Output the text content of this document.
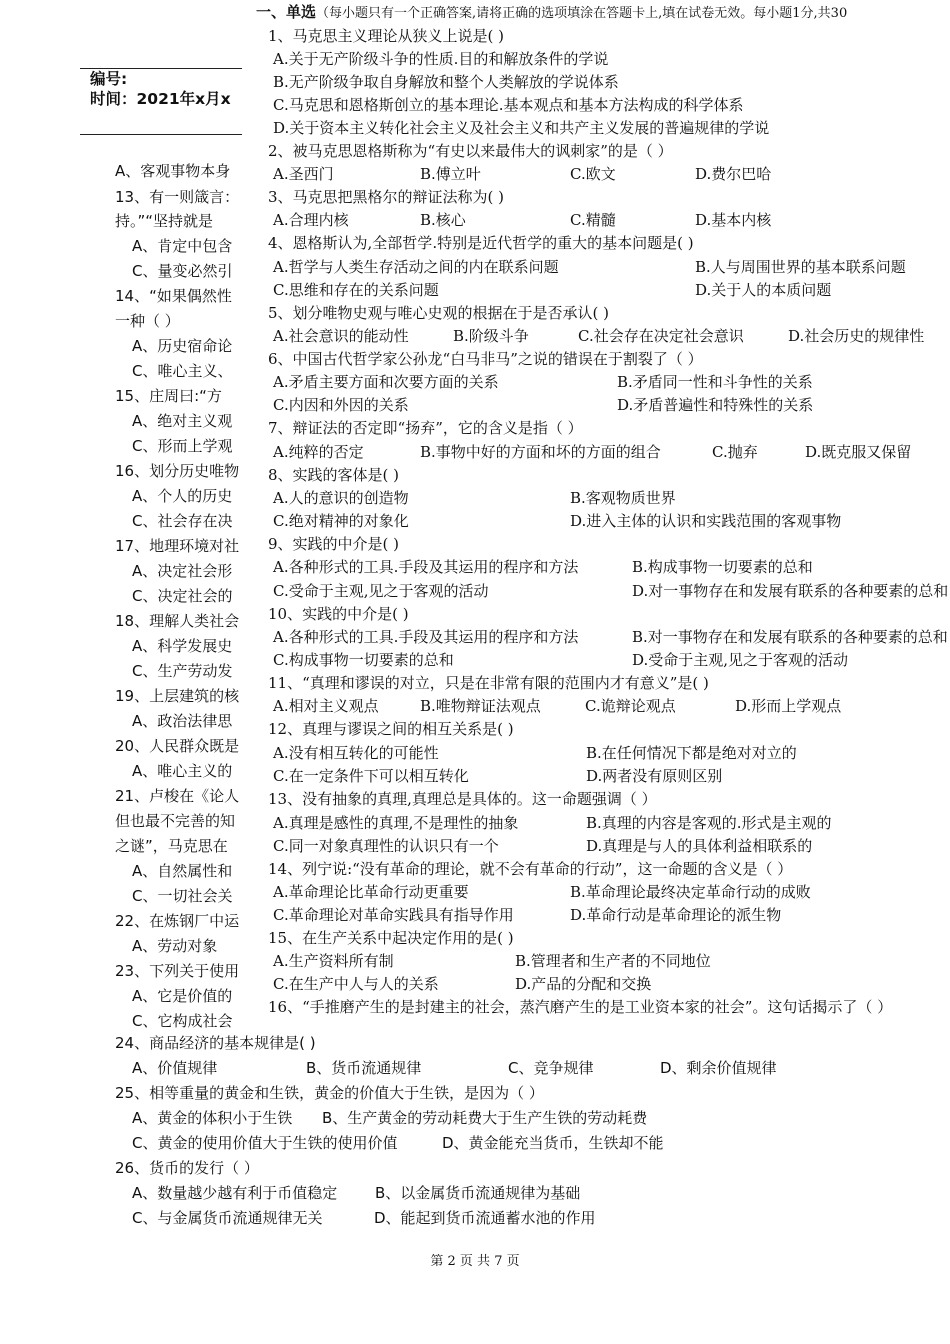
编号:
时间：2021年x月x
A、客观事物本身
13、有一则箴言：
持。”“坚持就是
A、肯定中包含
C、量变必然引
14、“如果偶然性
一种（ ）
A、历史宿命论
C、唯心主义、
15、庄周曰:“方
A、绝对主义观
C、形而上学观
16、划分历史唯物
A、个人的历史
C、社会存在决
17、地理环境对社
A、决定社会形
C、决定社会的
18、理解人类社会
A、科学发展史
C、生产劳动发
19、上层建筑的核
A、政治法律思
20、人民群众既是
A、唯心主义的
21、卢梭在《论人
但也最不完善的知
之谜”，马克思在
A、自然属性和
C、一切社会关
22、在炼钢厂中运
A、劳动对象
23、下列关于使用
A、它是价值的
C、它构成社会
一、单选（每小题只有一个正确答案,请将正确的选项填涂在答题卡上,填在试卷无效。每小题1分,共30
1、马克思主义理论从狭义上说是( )
A.关于无产阶级斗争的性质.目的和解放条件的学说
B.无产阶级争取自身解放和整个人类解放的学说体系
C.马克思和恩格斯创立的基本理论.基本观点和基本方法构成的科学体系
D.关于资本主义转化社会主义及社会主义和共产主义发展的普遍规律的学说
2、被马克思恩格斯称为“有史以来最伟大的讽刺家”的是（ ）
A.圣西门	B.傅立叶	C.欧文	D.费尔巴哈
3、马克思把黑格尔的辩证法称为( )
A.合理内核	B.核心	C.精髓	D.基本内核
4、恩格斯认为,全部哲学.特别是近代哲学的重大的基本问题是( )
A.哲学与人类生存活动之间的内在联系问题	B.人与周围世界的基本联系问题
C.思维和存在的关系问题	D.关于人的本质问题
5、划分唯物史观与唯心史观的根据在于是否承认( )
A.社会意识的能动性	B.阶级斗争	C.社会存在决定社会意识	D.社会历史的规律性
6、中国古代哲学家公孙龙“白马非马”之说的错误在于割裂了（ ）
A.矛盾主要方面和次要方面的关系	B.矛盾同一性和斗争性的关系
C.内因和外因的关系	D.矛盾普遍性和特殊性的关系
7、辩证法的否定即“扬弃”，它的含义是指（ ）
A.纯粹的否定	B.事物中好的方面和坏的方面的组合	C.抛弃	D.既克服又保留
8、实践的客体是( )
A.人的意识的创造物	B.客观物质世界
C.绝对精神的对象化	D.进入主体的认识和实践范围的客观事物
9、实践的中介是( )
A.各种形式的工具.手段及其运用的程序和方法	B.构成事物一切要素的总和
C.受命于主观,见之于客观的活动	D.对一事物存在和发展有联系的各种要素的总和
10、实践的中介是( )
A.各种形式的工具.手段及其运用的程序和方法	B.对一事物存在和发展有联系的各种要素的总和
C.构成事物一切要素的总和	D.受命于主观,见之于客观的活动
11、“真理和谬误的对立，只是在非常有限的范围内才有意义”是( )
A.相对主义观点	B.唯物辩证法观点	C.诡辩论观点	D.形而上学观点
12、真理与谬误之间的相互关系是( )
A.没有相互转化的可能性	B.在任何情况下都是绝对对立的
C.在一定条件下可以相互转化	D.两者没有原则区别
13、没有抽象的真理,真理总是具体的。这一命题强调（ ）
A.真理是感性的真理,不是理性的抽象	B.真理的内容是客观的.形式是主观的
C.同一对象真理性的认识只有一个	D.真理是与人的具体利益相联系的
14、列宁说:“没有革命的理论，就不会有革命的行动”，这一命题的含义是（ ）
A.革命理论比革命行动更重要	B.革命理论最终决定革命行动的成败
C.革命理论对革命实践具有指导作用	D.革命行动是革命理论的派生物
15、在生产关系中起决定作用的是( )
A.生产资料所有制	B.管理者和生产者的不同地位
C.在生产中人与人的关系	D.产品的分配和交换
16、“手推磨产生的是封建主的社会，蒸汽磨产生的是工业资本家的社会”。这句话揭示了（ ）
24、商品经济的基本规律是( )
A、价值规律	B、货币流通规律	C、竞争规律	D、剩余价值规律
25、相等重量的黄金和生铁，黄金的价值大于生铁，是因为（ ）
A、黄金的体积小于生铁 B、生产黄金的劳动耗费大于生产生铁的劳动耗费
C、黄金的使用价值大于生铁的使用价值	D、黄金能充当货币，生铁却不能
26、货币的发行（ ）
A、数量越少越有利于币值稳定	B、以金属货币流通规律为基础
C、与金属货币流通规律无关	D、能起到货币流通蓄水池的作用
第 2 页 共 7 页
